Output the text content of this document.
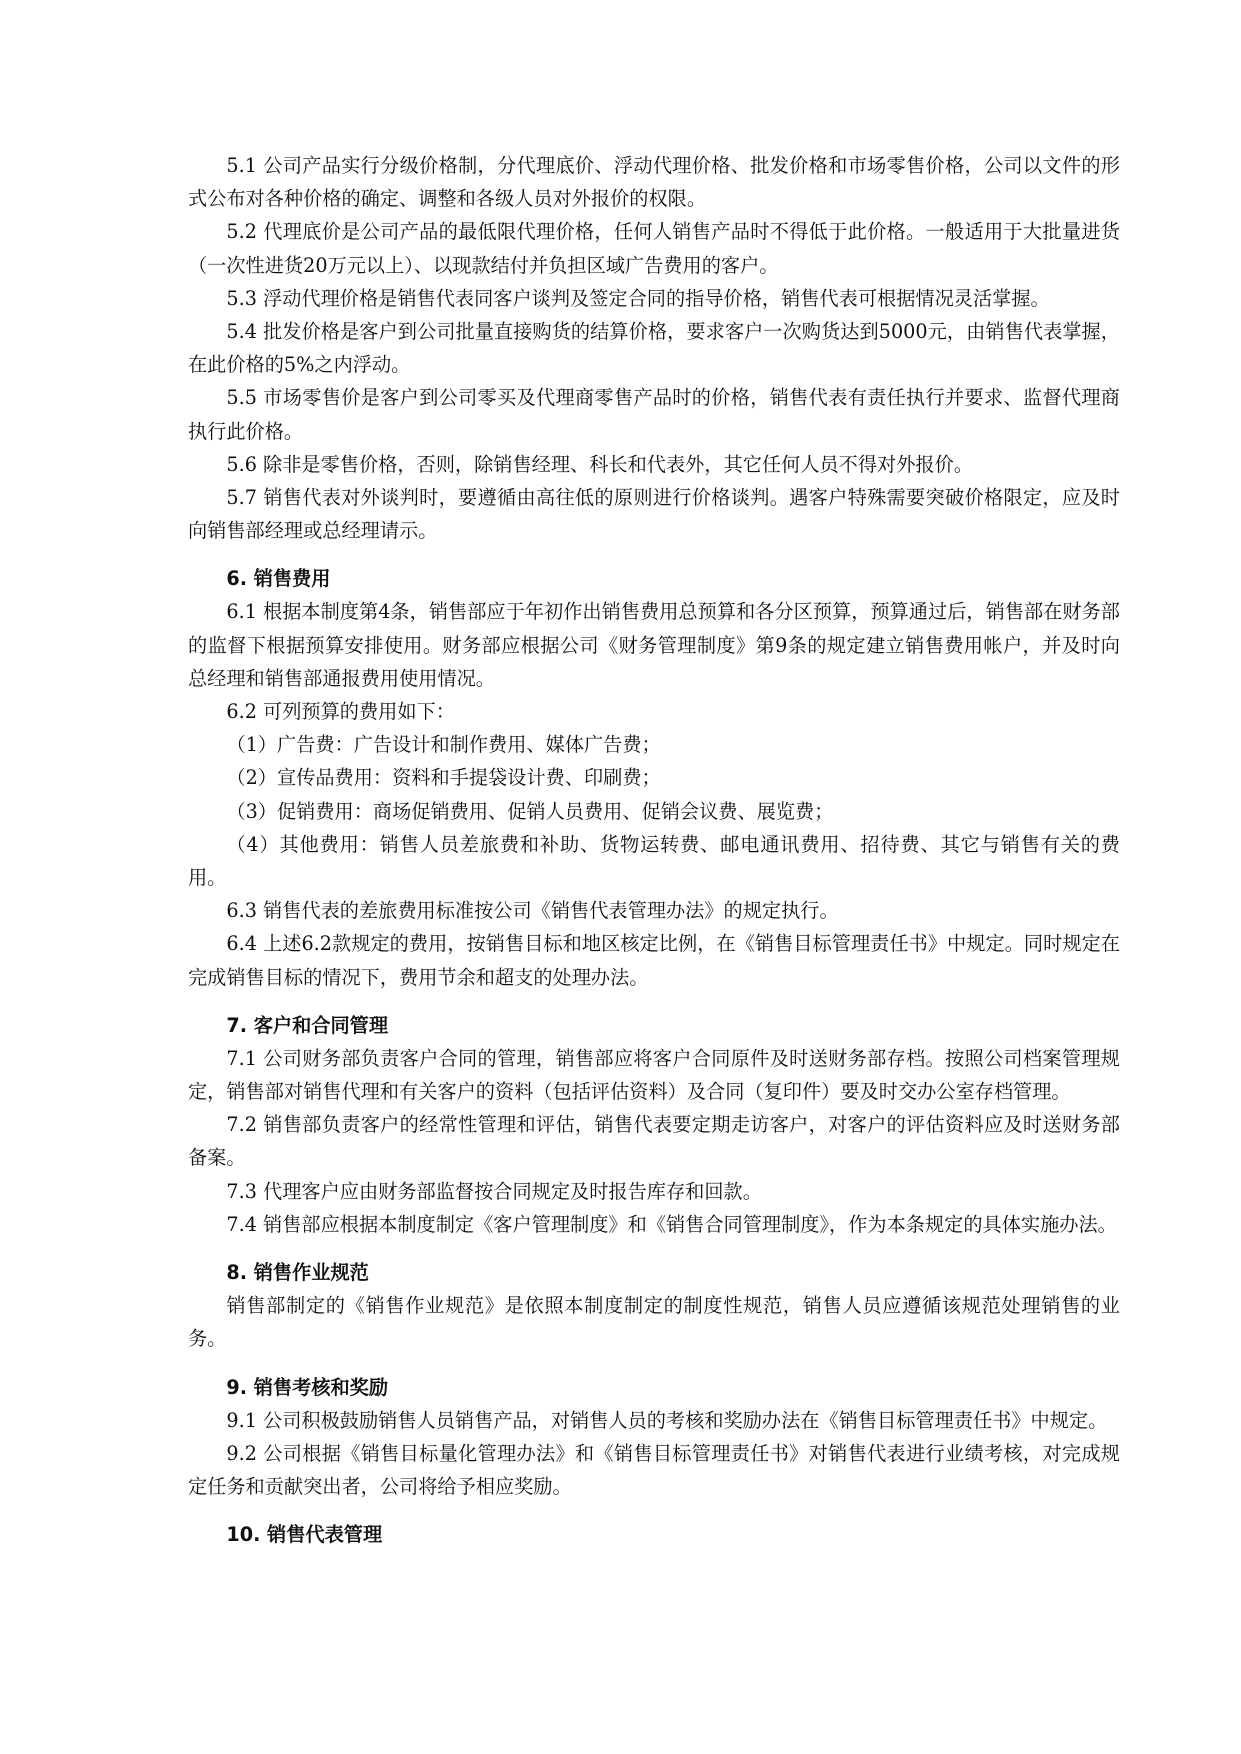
5.1 公司产品实行分级价格制，分代理底价、浮动代理价格、批发价格和市场零售价格，公司以文件的形式公布对各种价格的确定、调整和各级人员对外报价的权限。

5.2 代理底价是公司产品的最低限代理价格，任何人销售产品时不得低于此价格。一般适用于大批量进货（一次性进货20万元以上）、以现款结付并负担区域广告费用的客户。

5.3 浮动代理价格是销售代表同客户谈判及签定合同的指导价格，销售代表可根据情况灵活掌握。

5.4 批发价格是客户到公司批量直接购货的结算价格，要求客户一次购货达到5000元，由销售代表掌握，在此价格的5%之内浮动。

5.5 市场零售价是客户到公司零买及代理商零售产品时的价格，销售代表有责任执行并要求、监督代理商执行此价格。

5.6 除非是零售价格，否则，除销售经理、科长和代表外，其它任何人员不得对外报价。

5.7 销售代表对外谈判时，要遵循由高往低的原则进行价格谈判。遇客户特殊需要突破价格限定，应及时向销售部经理或总经理请示。

6. 销售费用

6.1 根据本制度第4条，销售部应于年初作出销售费用总预算和各分区预算，预算通过后，销售部在财务部的监督下根据预算安排使用。财务部应根据公司《财务管理制度》第9条的规定建立销售费用帐户，并及时向总经理和销售部通报费用使用情况。

6.2 可列预算的费用如下：

（1）广告费：广告设计和制作费用、媒体广告费；

（2）宣传品费用：资料和手提袋设计费、印刷费；

（3）促销费用：商场促销费用、促销人员费用、促销会议费、展览费；

（4）其他费用：销售人员差旅费和补助、货物运转费、邮电通讯费用、招待费、其它与销售有关的费用。

6.3 销售代表的差旅费用标准按公司《销售代表管理办法》的规定执行。

6.4 上述6.2款规定的费用，按销售目标和地区核定比例，在《销售目标管理责任书》中规定。同时规定在完成销售目标的情况下，费用节余和超支的处理办法。

7. 客户和合同管理

7.1 公司财务部负责客户合同的管理，销售部应将客户合同原件及时送财务部存档。按照公司档案管理规定，销售部对销售代理和有关客户的资料（包括评估资料）及合同（复印件）要及时交办公室存档管理。

7.2 销售部负责客户的经常性管理和评估，销售代表要定期走访客户，对客户的评估资料应及时送财务部备案。

7.3 代理客户应由财务部监督按合同规定及时报告库存和回款。

7.4 销售部应根据本制度制定《客户管理制度》和《销售合同管理制度》，作为本条规定的具体实施办法。

8. 销售作业规范

销售部制定的《销售作业规范》是依照本制度制定的制度性规范，销售人员应遵循该规范处理销售的业务。

9. 销售考核和奖励

9.1 公司积极鼓励销售人员销售产品，对销售人员的考核和奖励办法在《销售目标管理责任书》中规定。

9.2 公司根据《销售目标量化管理办法》和《销售目标管理责任书》对销售代表进行业绩考核，对完成规定任务和贡献突出者，公司将给予相应奖励。

10. 销售代表管理
